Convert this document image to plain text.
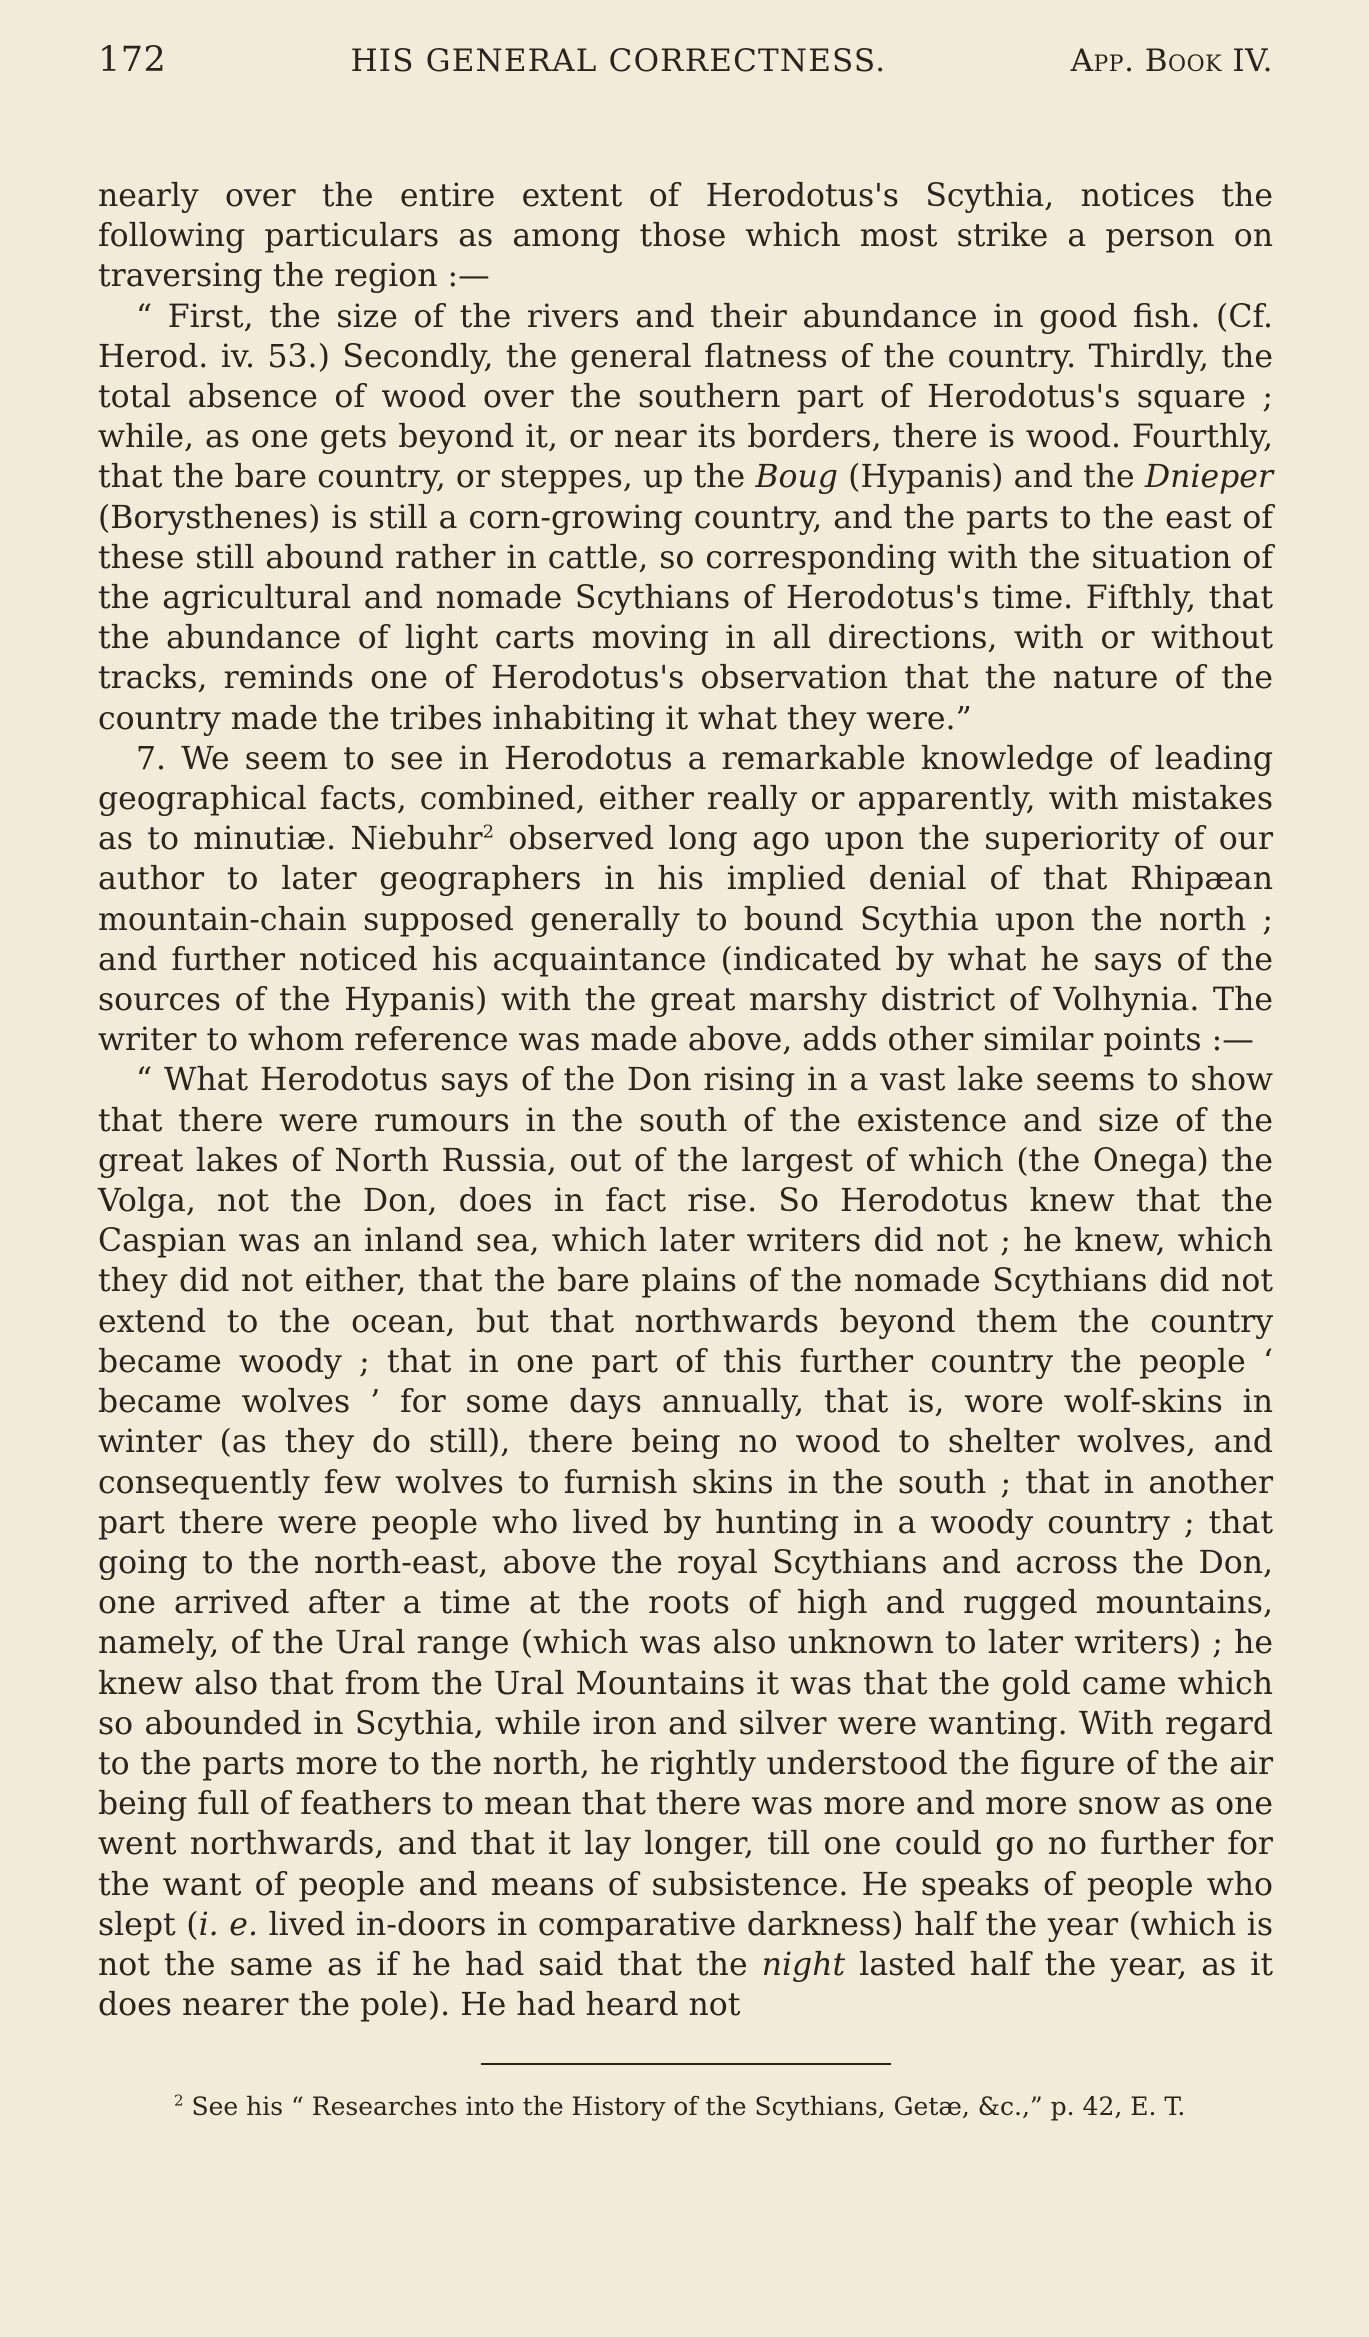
172	HIS GENERAL CORRECTNESS.	App. Book IV.

nearly over the entire extent of Herodotus's Scythia, notices the following particulars as among those which most strike a person on traversing the region :—

“ First, the size of the rivers and their abundance in good fish. (Cf. Herod. iv. 53.) Secondly, the general flatness of the country. Thirdly, the total absence of wood over the southern part of Herodotus's square ; while, as one gets beyond it, or near its borders, there is wood. Fourthly, that the bare country, or steppes, up the Boug (Hypanis) and the Dnieper (Borysthenes) is still a corn-growing country, and the parts to the east of these still abound rather in cattle, so corresponding with the situation of the agricultural and nomade Scythians of Herodotus's time. Fifthly, that the abundance of light carts moving in all directions, with or without tracks, reminds one of Herodotus's observation that the nature of the country made the tribes inhabiting it what they were.”

7. We seem to see in Herodotus a remarkable knowledge of leading geographical facts, combined, either really or apparently, with mistakes as to minutiæ. Niebuhr$^2$ observed long ago upon the superiority of our author to later geographers in his implied denial of that Rhipæan mountain-chain supposed generally to bound Scythia upon the north ; and further noticed his acquaintance (indicated by what he says of the sources of the Hypanis) with the great marshy district of Volhynia. The writer to whom reference was made above, adds other similar points :—

“ What Herodotus says of the Don rising in a vast lake seems to show that there were rumours in the south of the existence and size of the great lakes of North Russia, out of the largest of which (the Onega) the Volga, not the Don, does in fact rise. So Herodotus knew that the Caspian was an inland sea, which later writers did not ; he knew, which they did not either, that the bare plains of the nomade Scythians did not extend to the ocean, but that northwards beyond them the country became woody ; that in one part of this further country the people ‘ became wolves ’ for some days annually, that is, wore wolf-skins in winter (as they do still), there being no wood to shelter wolves, and consequently few wolves to furnish skins in the south ; that in another part there were people who lived by hunting in a woody country ; that going to the north-east, above the royal Scythians and across the Don, one arrived after a time at the roots of high and rugged mountains, namely, of the Ural range (which was also unknown to later writers) ; he knew also that from the Ural Mountains it was that the gold came which so abounded in Scythia, while iron and silver were wanting. With regard to the parts more to the north, he rightly understood the figure of the air being full of feathers to mean that there was more and more snow as one went northwards, and that it lay longer, till one could go no further for the want of people and means of subsistence. He speaks of people who slept (i. e. lived in-doors in comparative darkness) half the year (which is not the same as if he had said that the night lasted half the year, as it does nearer the pole). He had heard not

$^2$ See his “ Researches into the History of the Scythians, Getæ, &c.,” p. 42, E. T.
